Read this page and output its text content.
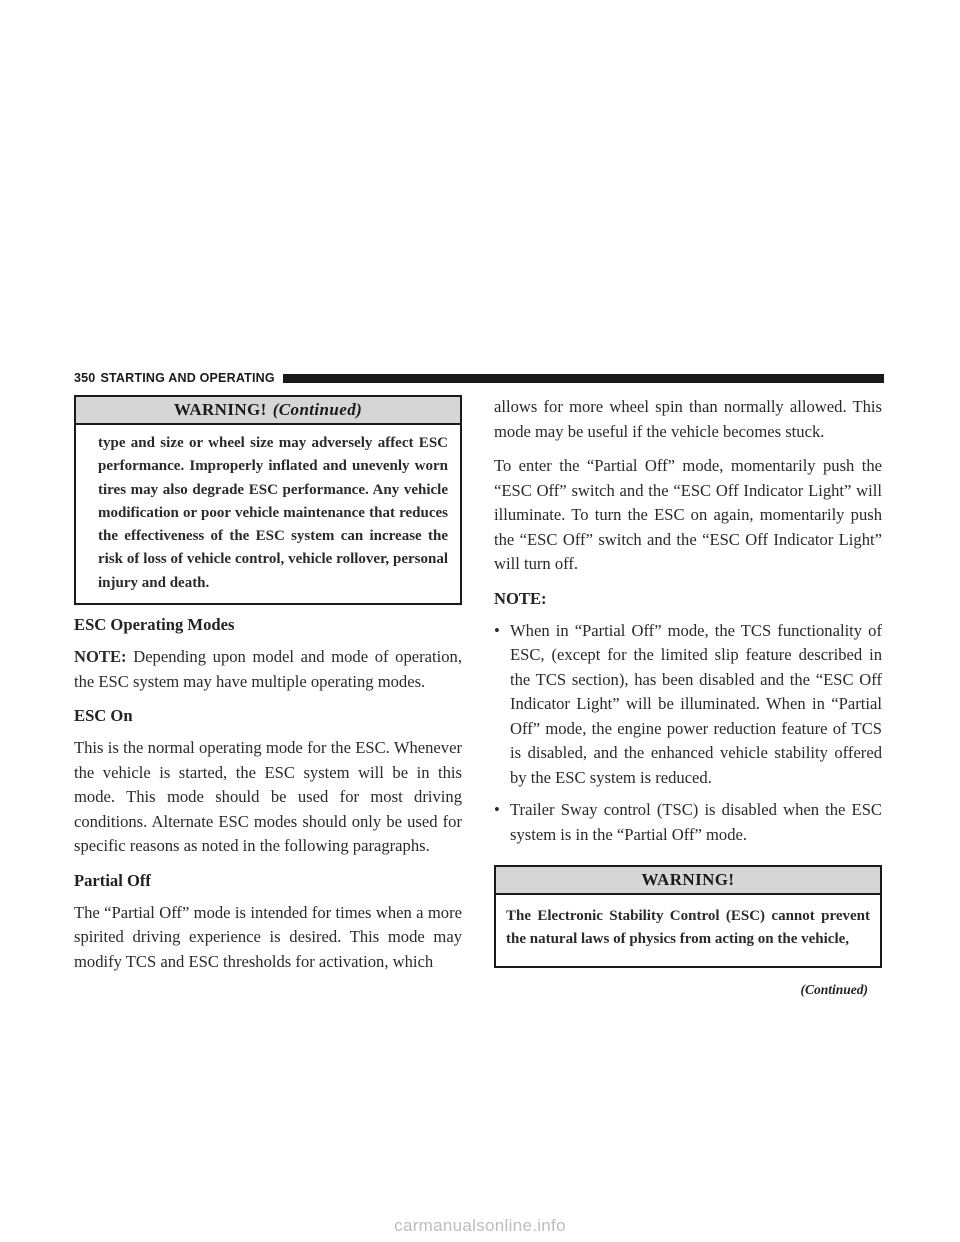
350 STARTING AND OPERATING
WARNING! (Continued)
type and size or wheel size may adversely affect ESC performance. Improperly inflated and unevenly worn tires may also degrade ESC performance. Any vehicle modification or poor vehicle maintenance that reduces the effectiveness of the ESC system can increase the risk of loss of vehicle control, vehicle rollover, personal injury and death.
ESC Operating Modes

NOTE: Depending upon model and mode of operation, the ESC system may have multiple operating modes.

ESC On

This is the normal operating mode for the ESC. Whenever the vehicle is started, the ESC system will be in this mode. This mode should be used for most driving conditions. Alternate ESC modes should only be used for specific reasons as noted in the following paragraphs.

Partial Off

The “Partial Off” mode is intended for times when a more spirited driving experience is desired. This mode may modify TCS and ESC thresholds for activation, which

allows for more wheel spin than normally allowed. This mode may be useful if the vehicle becomes stuck.

To enter the “Partial Off” mode, momentarily push the “ESC Off” switch and the “ESC Off Indicator Light” will illuminate. To turn the ESC on again, momentarily push the “ESC Off” switch and the “ESC Off Indicator Light” will turn off.

NOTE:
• When in “Partial Off” mode, the TCS functionality of ESC, (except for the limited slip feature described in the TCS section), has been disabled and the “ESC Off Indicator Light” will be illuminated. When in “Partial Off” mode, the engine power reduction feature of TCS is disabled, and the enhanced vehicle stability offered by the ESC system is reduced.
• Trailer Sway control (TSC) is disabled when the ESC system is in the “Partial Off” mode.
WARNING!
The Electronic Stability Control (ESC) cannot prevent the natural laws of physics from acting on the vehicle,
(Continued)
carmanualsonline.info
